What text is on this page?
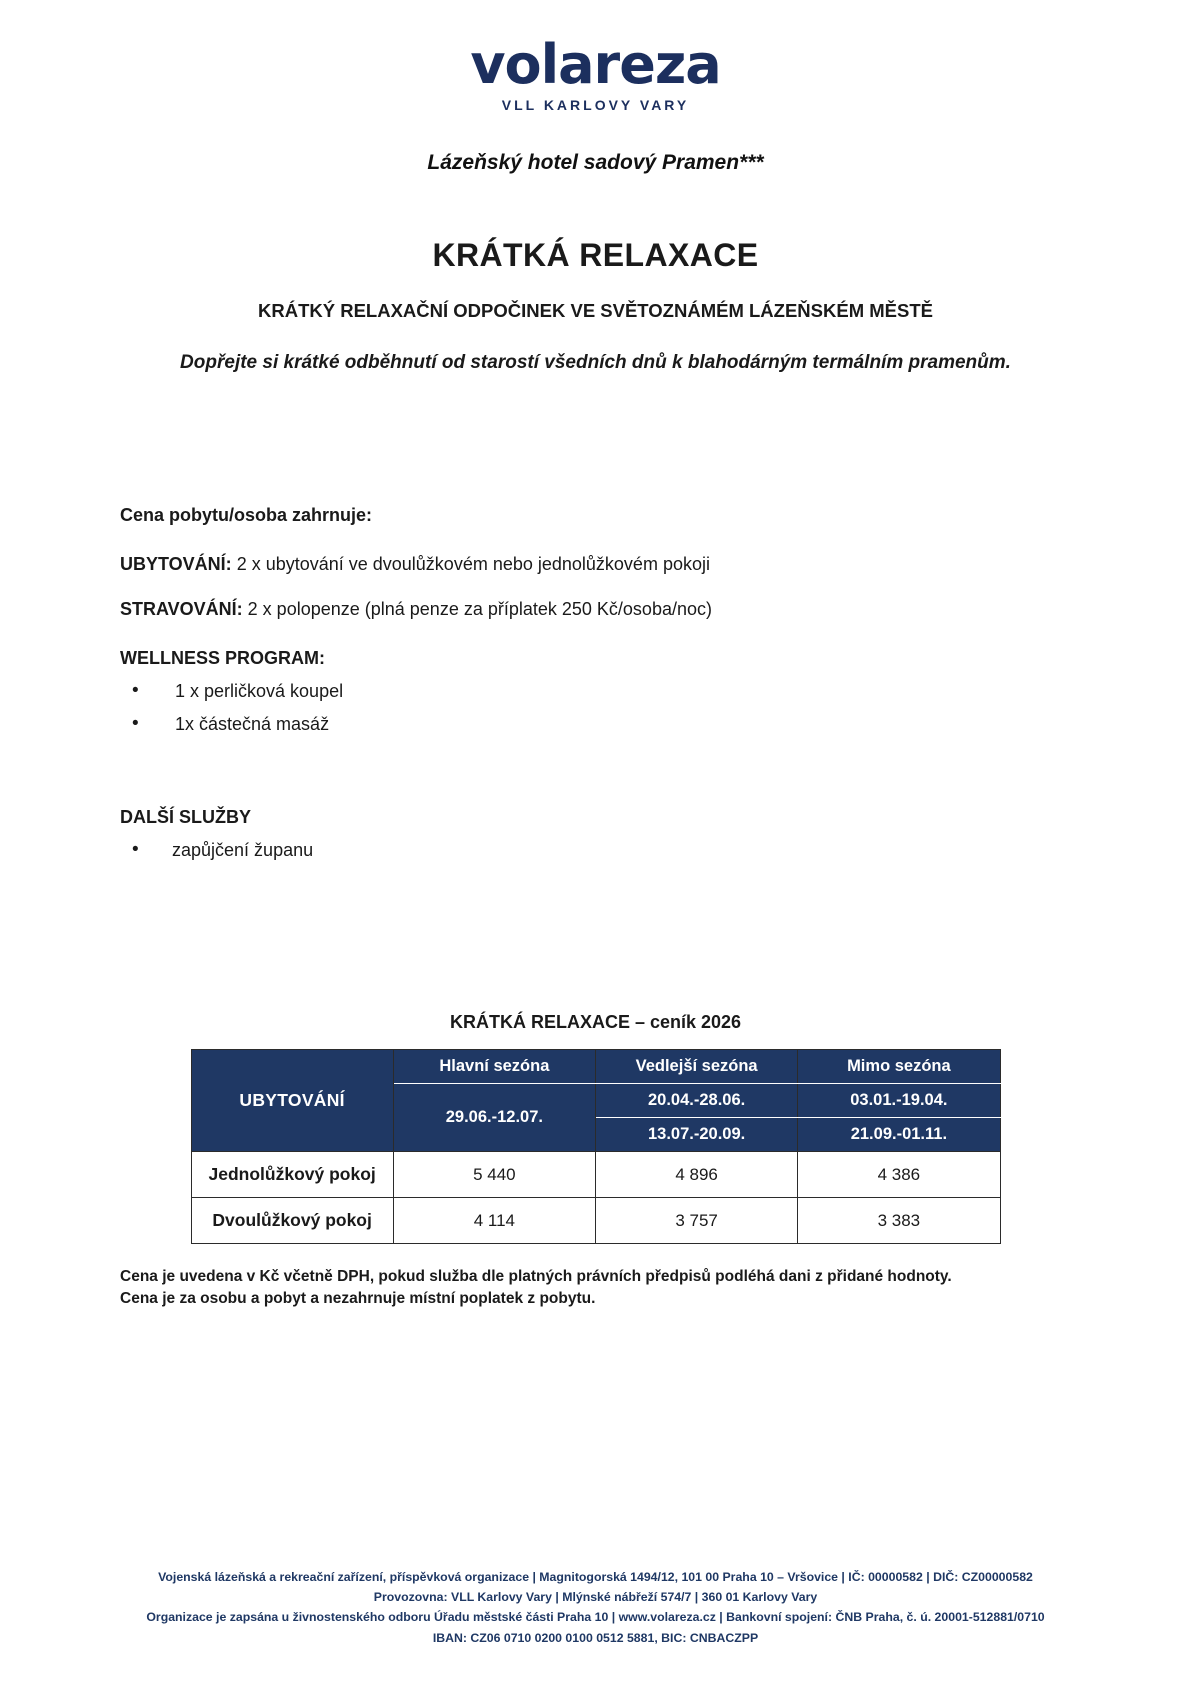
volareza
VLL KARLOVY VARY
Lázeňský hotel sadový Pramen***
KRÁTKÁ RELAXACE
KRÁTKÝ RELAXAČNÍ ODPOČINEK VE SVĚTOZNÁMÉM LÁZEŇSKÉM MĚSTĚ
Dopřejte si krátké odběhnutí od starostí všedních dnů k blahodárným termálním pramenům.
Cena pobytu/osoba zahrnuje:
UBYTOVÁNÍ: 2 x ubytování ve dvoulůžkovém nebo jednolůžkovém pokoji
STRAVOVÁNÍ: 2 x polopenze (plná penze za příplatek 250 Kč/osoba/noc)
WELLNESS PROGRAM:
• 1 x perličková koupel
• 1x částečná masáž
DALŠÍ SLUŽBY
• zapůjčení županu
KRÁTKÁ RELAXACE – ceník 2026
UBYTOVÁNÍ	Hlavní sezóna	Vedlejší sezóna	Mimo sezóna
	29.06.-12.07.	20.04.-28.06.	03.01.-19.04.
		13.07.-20.09.	21.09.-01.11.
Jednolůžkový pokoj	5 440	4 896	4 386
Dvoulůžkový pokoj	4 114	3 757	3 383
Cena je uvedena v Kč včetně DPH, pokud služba dle platných právních předpisů podléhá dani z přidané hodnoty.
Cena je za osobu a pobyt a nezahrnuje místní poplatek z pobytu.
Vojenská lázeňská a rekreační zařízení, příspěvková organizace | Magnitogorská 1494/12, 101 00 Praha 10 – Vršovice | IČ: 00000582 | DIČ: CZ00000582
Provozovna: VLL Karlovy Vary | Mlýnské nábřeží 574/7 | 360 01 Karlovy Vary
Organizace je zapsána u živnostenského odboru Úřadu městské části Praha 10 | www.volareza.cz | Bankovní spojení: ČNB Praha, č. ú. 20001-512881/0710
IBAN: CZ06 0710 0200 0100 0512 5881, BIC: CNBACZPP
